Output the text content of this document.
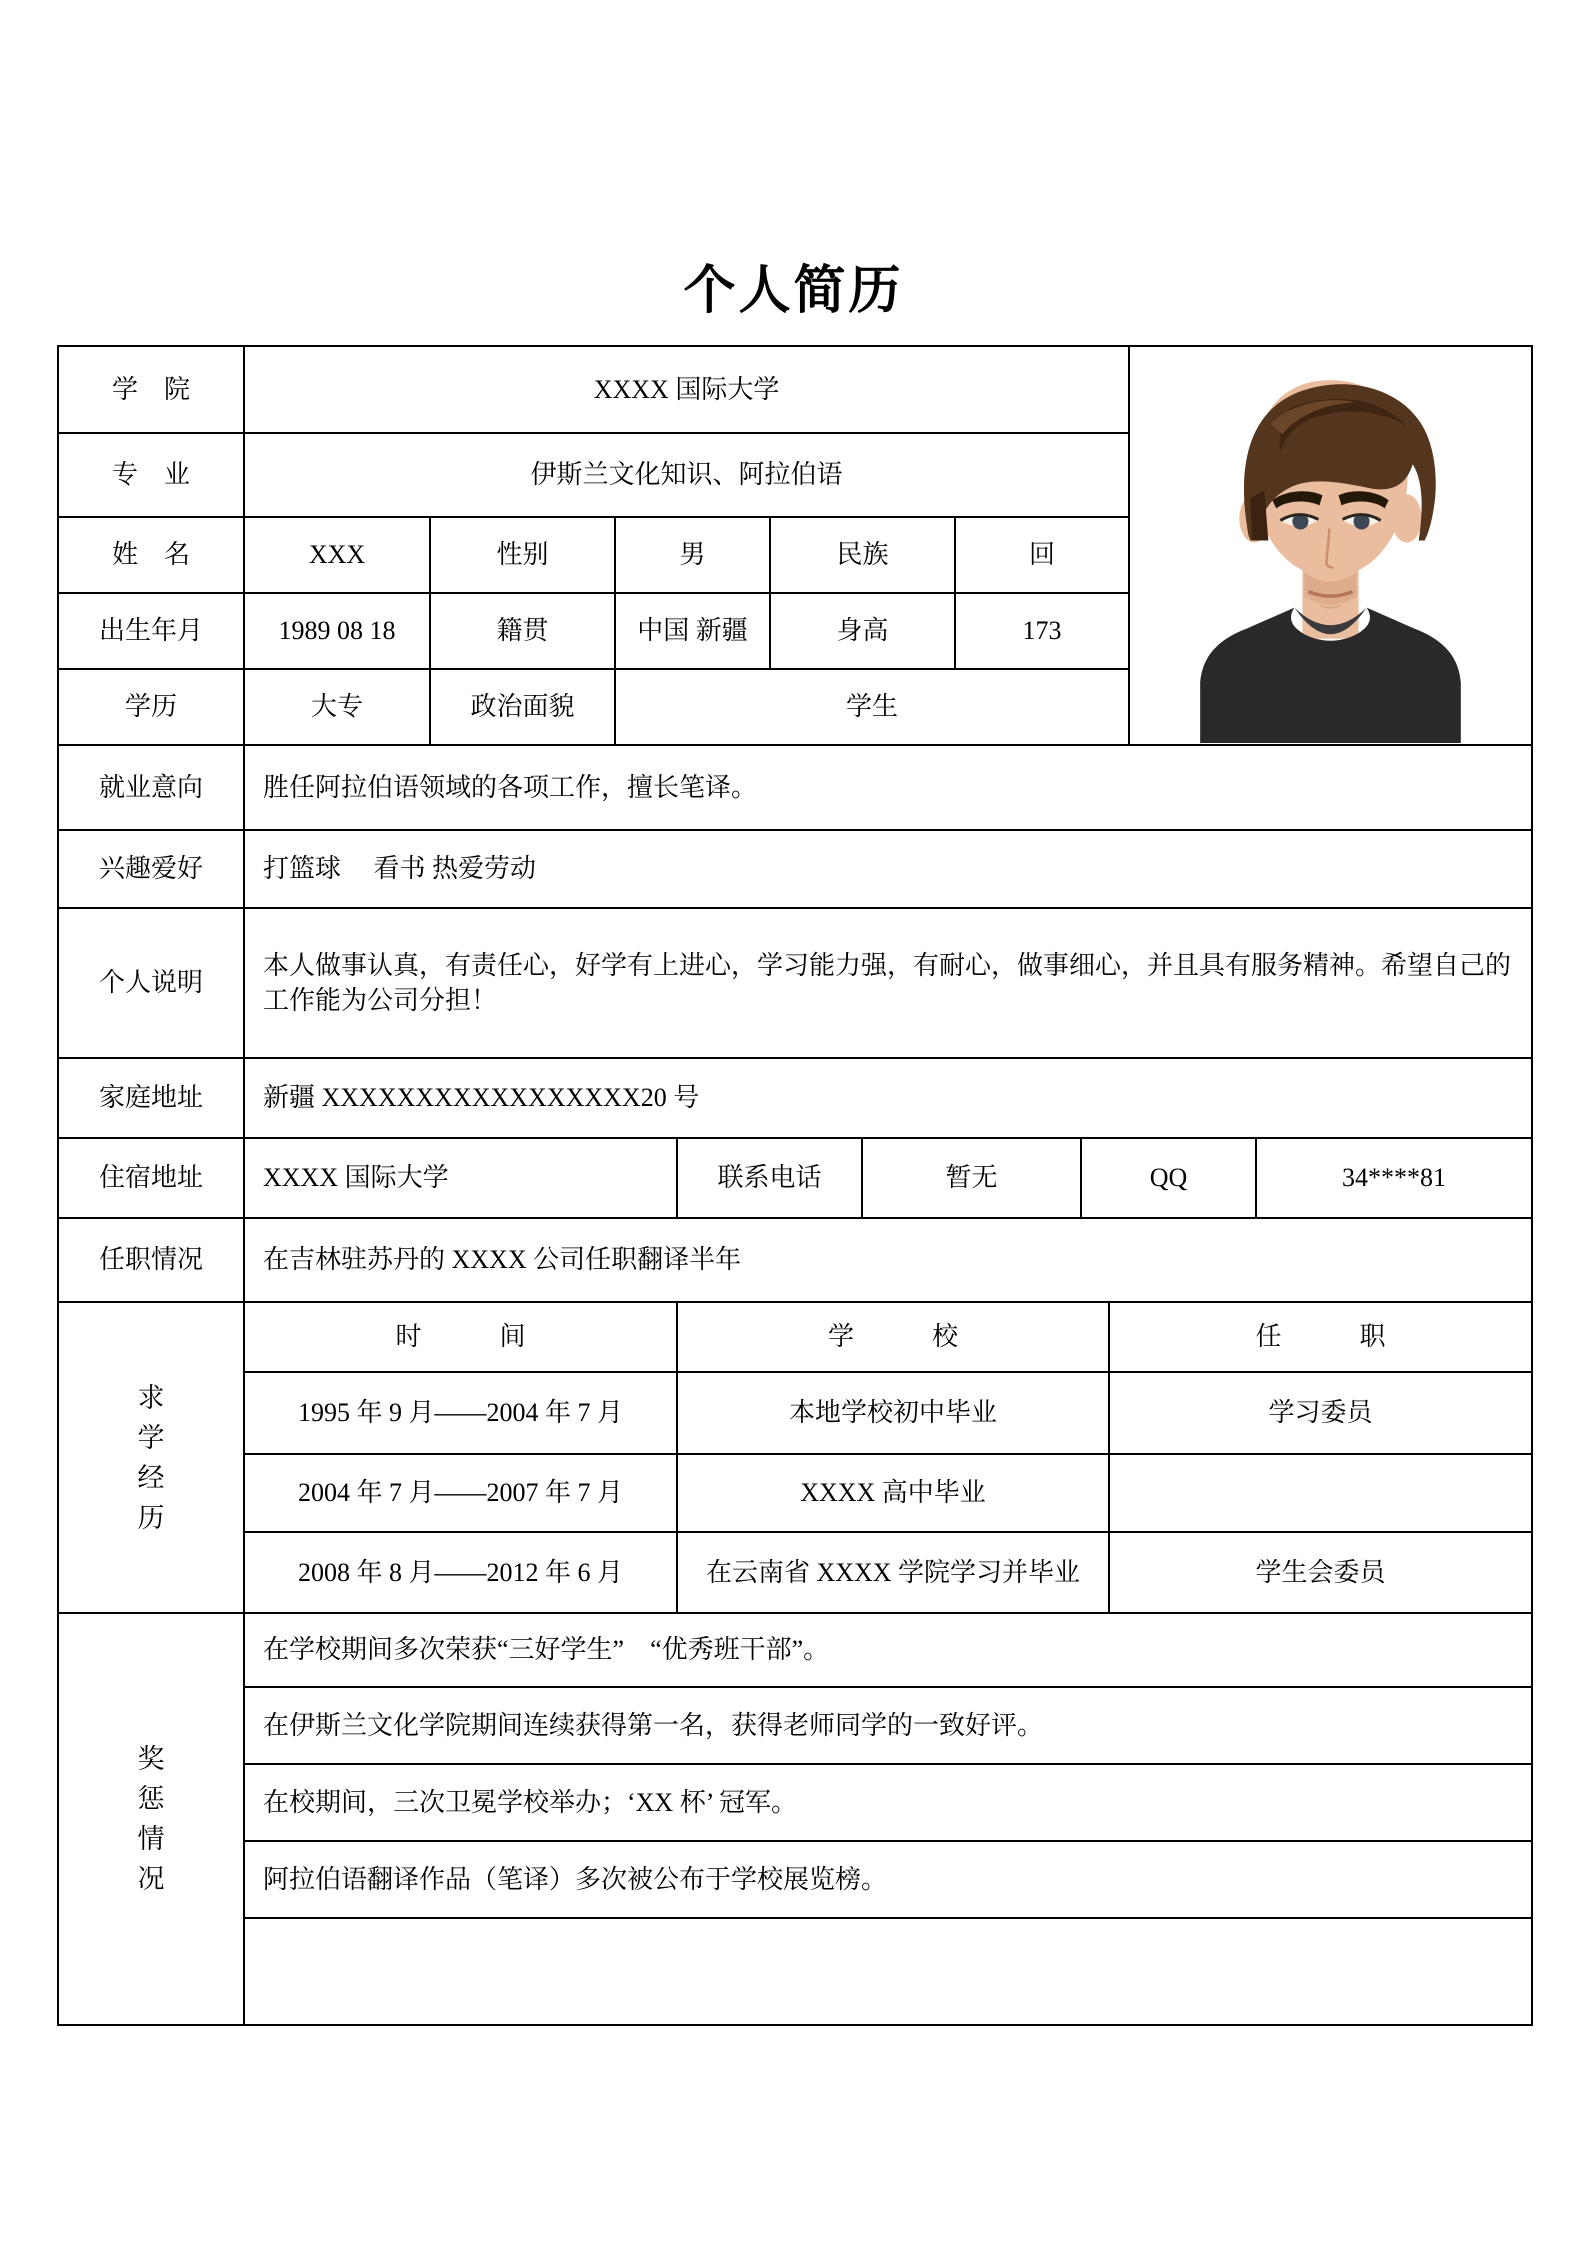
个人简历
学　院	XXXX 国际大学	

专　业	伊斯兰文化知识、阿拉伯语										
姓　名	XXX	性别	男		民族		回				
出生年月	1989 08 18	籍贯	中国 新疆		身高		173				
学历	大专	政治面貌	学生								
就业意向	胜任阿拉伯语领域的各项工作，擅长笔译。										
兴趣爱好	打篮球　 看书 热爱劳动										
个人说明	本人做事认真，有责任心，好学有上进心，学习能力强，有耐心，做事细心，并且具有服务精神。希望自己的工作能为公司分担！										
家庭地址	新疆 XXXXXXXXXXXXXXXXX20 号										
住宿地址	XXXX 国际大学			联系电话		暂无		QQ			34****81
任职情况	在吉林驻苏丹的 XXXX 公司任职翻译半年										

求
学
经
历	时　　　间			学　　　校					任　　　职		
	1995 年 9 月——2004 年 7 月			本地学校初中毕业					学习委员		
	2004 年 7 月——2007 年 7 月			XXXX 高中毕业							
	2008 年 8 月——2012 年 6 月			在云南省 XXXX 学院学习并毕业					学生会委员		

奖
惩
情
况	在学校期间多次荣获“三好学生”　“优秀班干部”。										
	在伊斯兰文化学院期间连续获得第一名，获得老师同学的一致好评。										
	在校期间，三次卫冕学校举办；‘XX 杯’ 冠军。										
	阿拉伯语翻译作品（笔译）多次被公布于学校展览榜。										
